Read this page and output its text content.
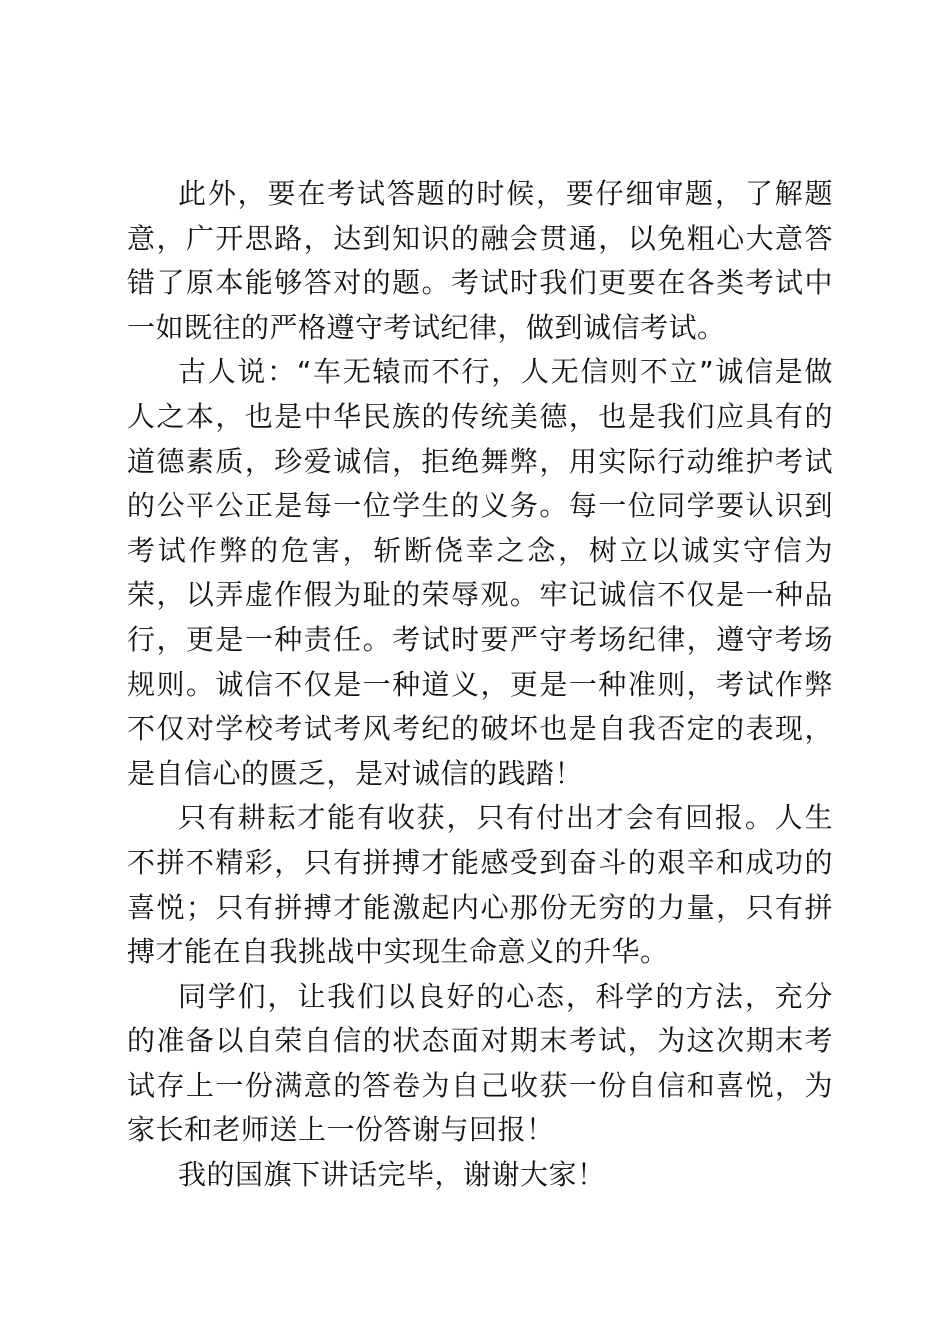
此外，要在考试答题的时候，要仔细审题，了解题意，广开思路，达到知识的融会贯通，以免粗心大意答错了原本能够答对的题。考试时我们更要在各类考试中一如既往的严格遵守考试纪律，做到诚信考试。

古人说：“车无辕而不行，人无信则不立”诚信是做人之本，也是中华民族的传统美德，也是我们应具有的道德素质，珍爱诚信，拒绝舞弊，用实际行动维护考试的公平公正是每一位学生的义务。每一位同学要认识到考试作弊的危害，斩断侥幸之念，树立以诚实守信为荣，以弄虚作假为耻的荣辱观。牢记诚信不仅是一种品行，更是一种责任。考试时要严守考场纪律，遵守考场规则。诚信不仅是一种道义，更是一种准则，考试作弊不仅对学校考试考风考纪的破坏也是自我否定的表现，是自信心的匮乏，是对诚信的践踏！

只有耕耘才能有收获，只有付出才会有回报。人生不拼不精彩，只有拼搏才能感受到奋斗的艰辛和成功的喜悦；只有拼搏才能激起内心那份无穷的力量，只有拼搏才能在自我挑战中实现生命意义的升华。

同学们，让我们以良好的心态，科学的方法，充分的准备以自荣自信的状态面对期末考试，为这次期末考试存上一份满意的答卷为自己收获一份自信和喜悦，为家长和老师送上一份答谢与回报！

我的国旗下讲话完毕，谢谢大家！
